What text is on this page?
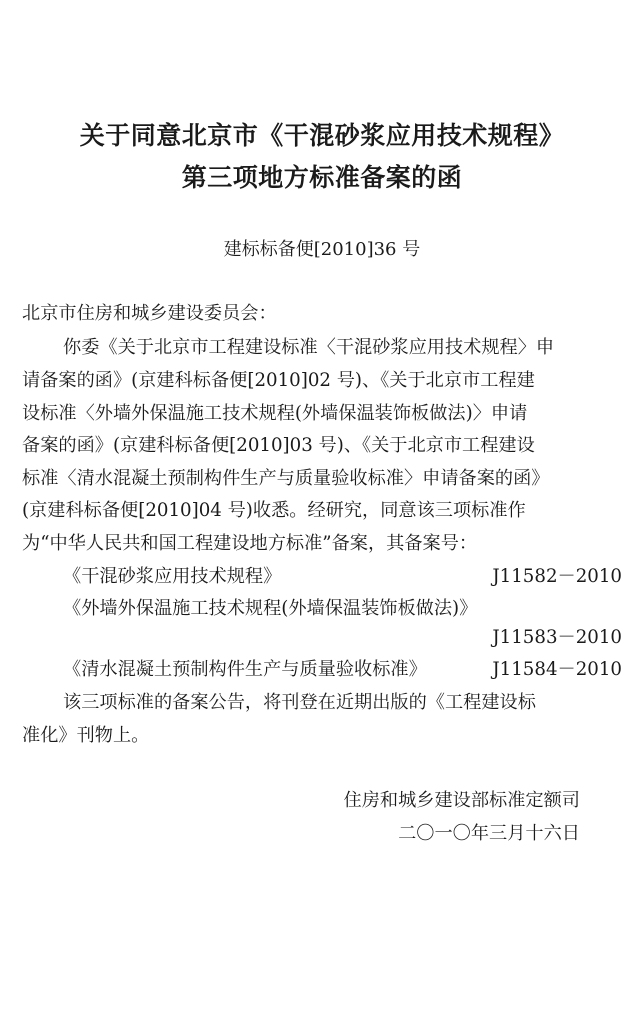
关于同意北京市《干混砂浆应用技术规程》
第三项地方标准备案的函
建标标备便[2010]36 号
北京市住房和城乡建设委员会：
你委《关于北京市工程建设标准〈干混砂浆应用技术规程〉申
请备案的函》(京建科标备便[2010]02 号)、《关于北京市工程建
设标准〈外墙外保温施工技术规程(外墙保温装饰板做法)〉申请
备案的函》(京建科标备便[2010]03 号)、《关于北京市工程建设
标准〈清水混凝土预制构件生产与质量验收标准〉申请备案的函》
(京建科标备便[2010]04 号)收悉。经研究，同意该三项标准作
为“中华人民共和国工程建设地方标准”备案，其备案号：
《干混砂浆应用技术规程》	J11582－2010
《外墙外保温施工技术规程(外墙保温装饰板做法)》
J11583－2010
《清水混凝土预制构件生产与质量验收标准》	J11584－2010
该三项标准的备案公告，将刊登在近期出版的《工程建设标
准化》刊物上。
住房和城乡建设部标准定额司
二〇一〇年三月十六日
